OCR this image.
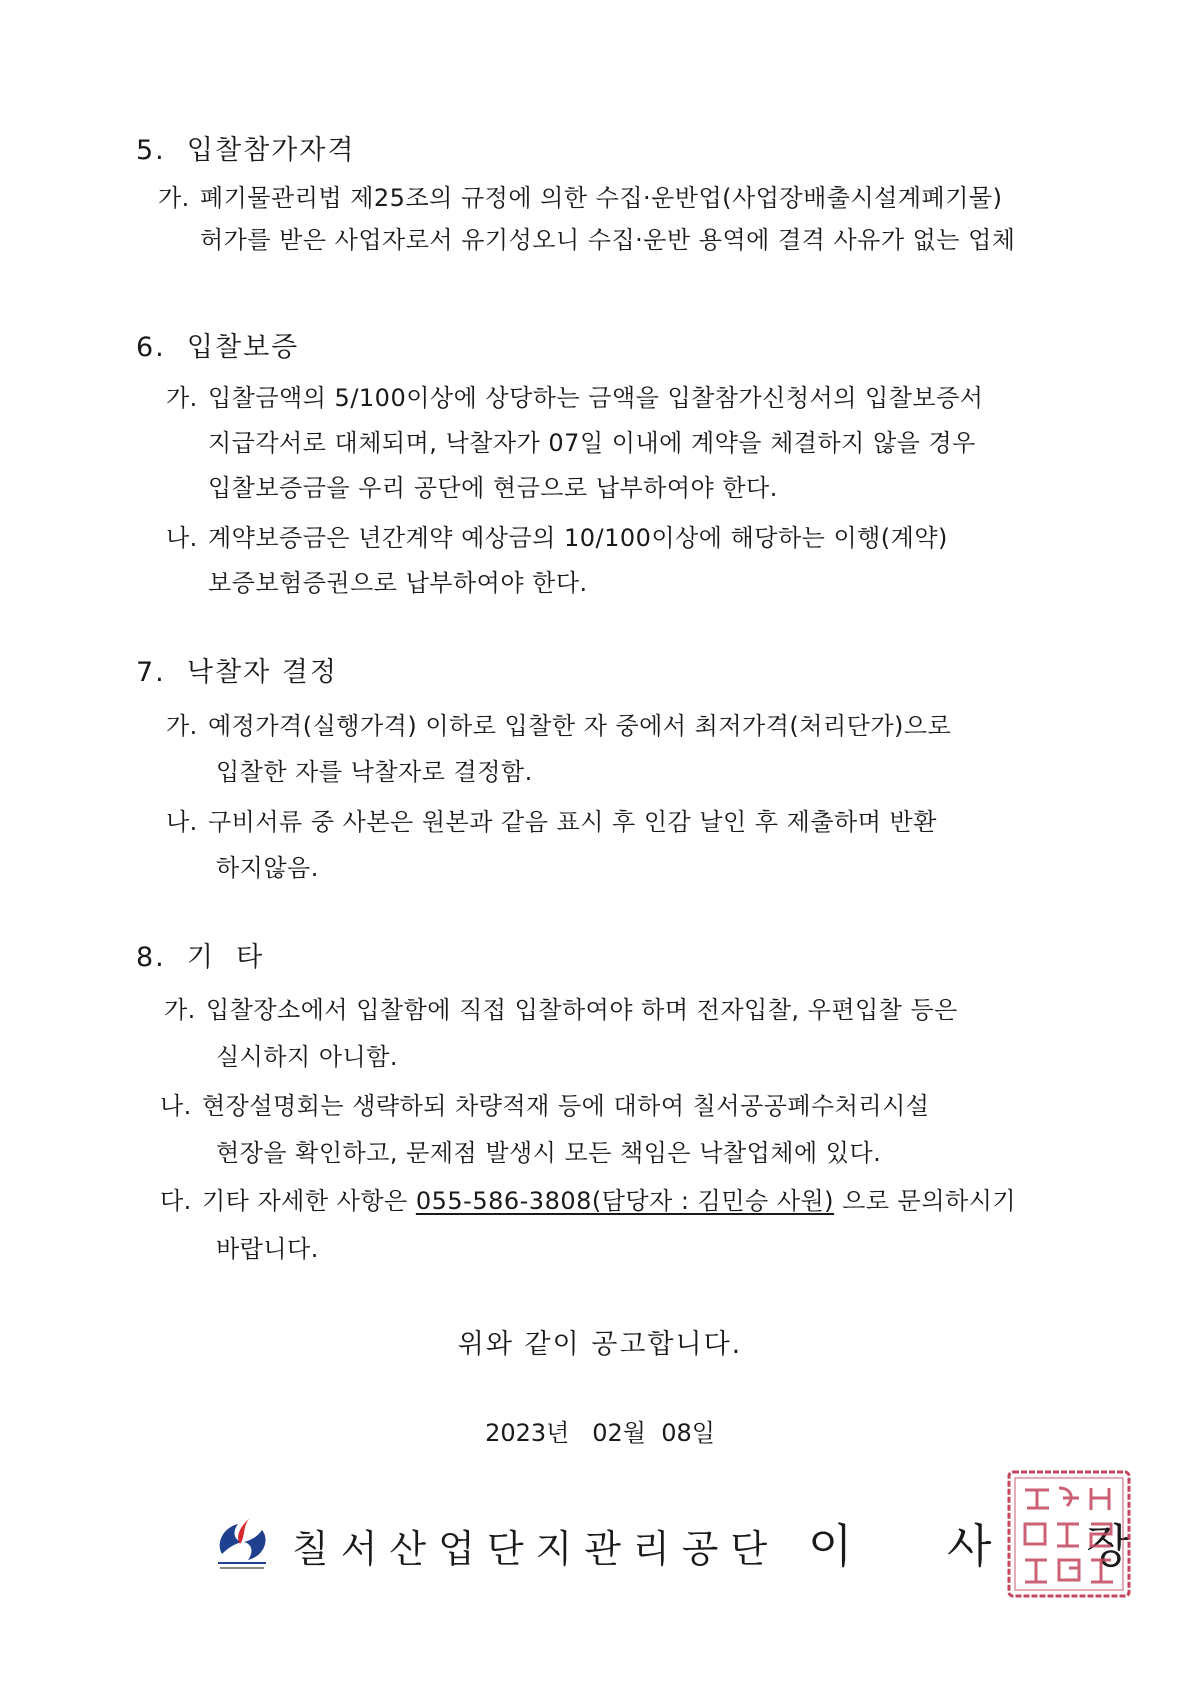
5.  입찰참가자격
가. 폐기물관리법 제25조의 규정에 의한 수집·운반업(사업장배출시설계폐기물)
허가를 받은 사업자로서 유기성오니 수집·운반 용역에 결격 사유가 없는 업체
6.  입찰보증
가. 입찰금액의 5/100이상에 상당하는 금액을 입찰참가신청서의 입찰보증서
지급각서로 대체되며, 낙찰자가 07일 이내에 계약을 체결하지 않을 경우
입찰보증금을 우리 공단에 현금으로 납부하여야 한다.
나. 계약보증금은 년간계약 예상금의 10/100이상에 해당하는 이행(계약)
보증보험증권으로 납부하여야 한다.
7.  낙찰자 결정
가. 예정가격(실행가격) 이하로 입찰한 자 중에서 최저가격(처리단가)으로
입찰한 자를 낙찰자로 결정함.
나. 구비서류 중 사본은 원본과 같음 표시 후 인감 날인 후 제출하며 반환
하지않음.
8.  기  타
가. 입찰장소에서 입찰함에 직접 입찰하여야 하며 전자입찰, 우편입찰 등은
실시하지 아니함.
나. 현장설명회는 생략하되 차량적재 등에 대하여 칠서공공폐수처리시설
현장을 확인하고, 문제점 발생시 모든 책임은 낙찰업체에 있다.
다. 기타 자세한 사항은 055-586-3808(담당자 : 김민승 사원) 으로 문의하시기
바랍니다.
위와 같이 공고합니다.
2023년   02월  08일
칠서산업단지관리공단 이 사 장
